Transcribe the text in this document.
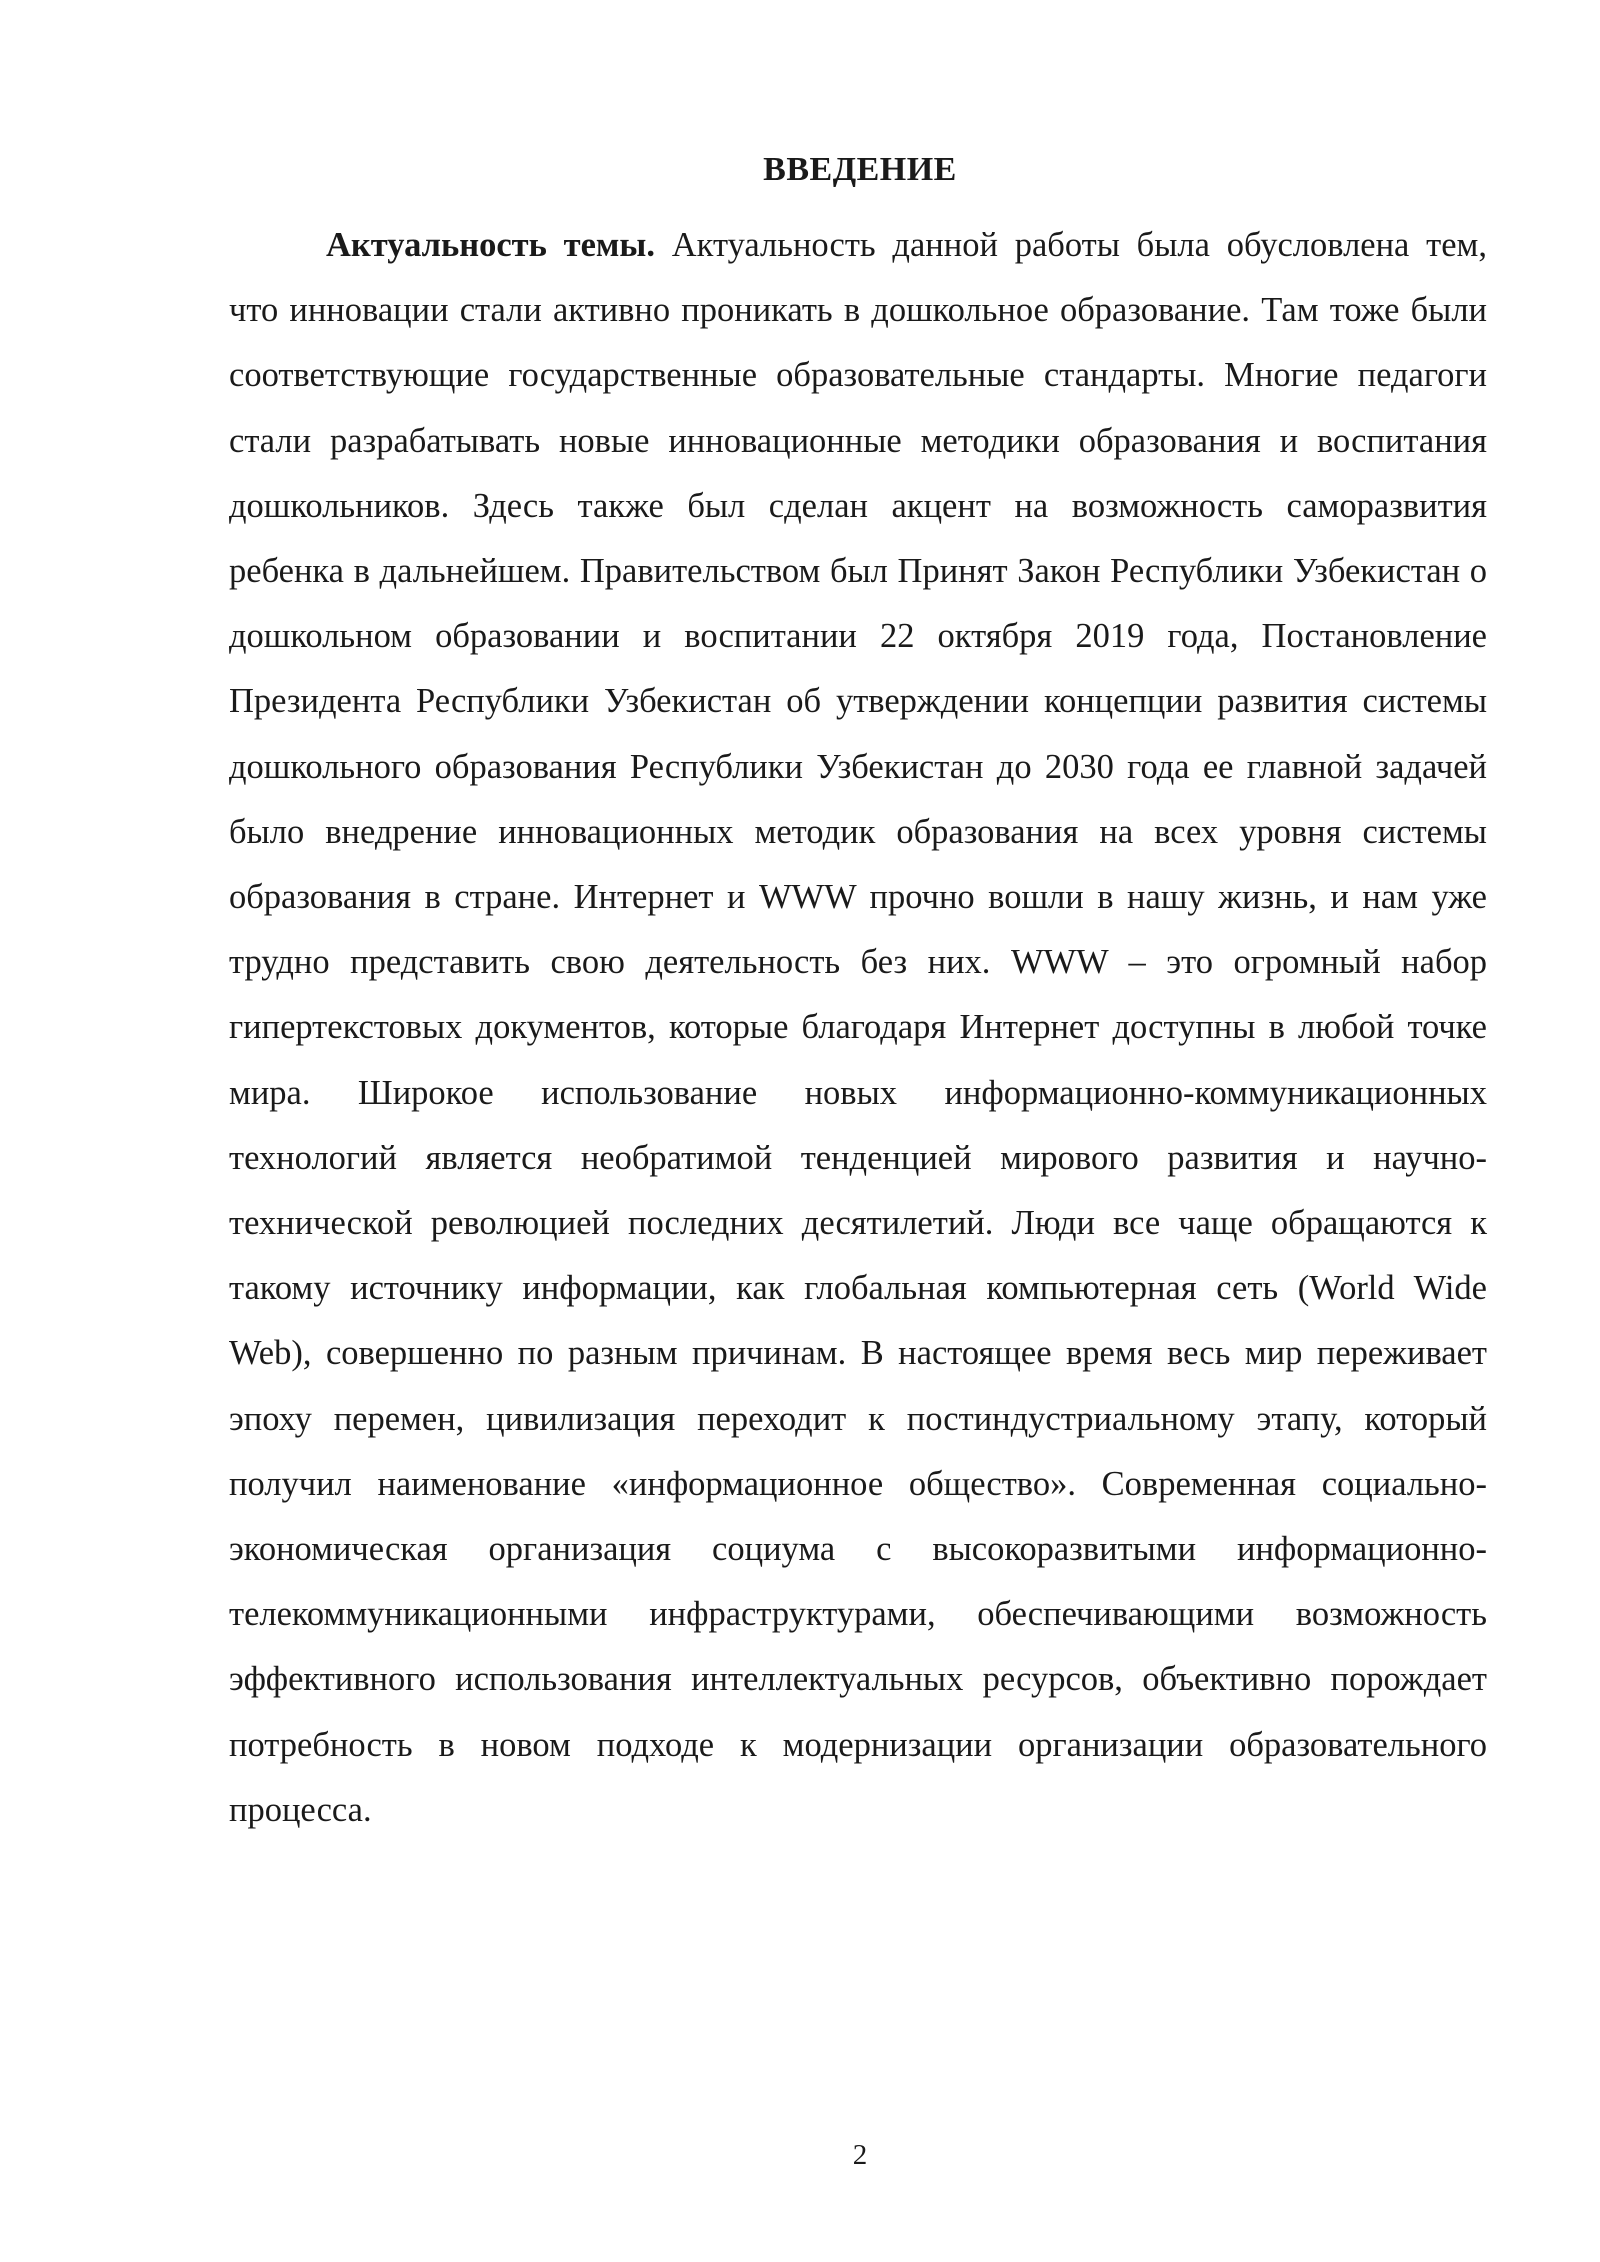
ВВЕДЕНИЕ

Актуальность темы. Актуальность данной работы была обусловлена тем, что инновации стали активно проникать в дошкольное образование. Там тоже были соответствующие государственные образовательные стандарты. Многие педагоги стали разрабатывать новые инновационные методики образования и воспитания дошкольников. Здесь также был сделан акцент на возможность саморазвития ребенка в дальнейшем. Правительством был Принят Закон Республики Узбекистан о дошкольном образовании и воспитании 22 октября 2019 года, Постановление Президента Республики Узбекистан об утверждении концепции развития системы дошкольного образования Республики Узбекистан до 2030 года ее главной задачей было внедрение инновационных методик образования на всех уровня системы образования в стране. Интернет и WWW прочно вошли в нашу жизнь, и нам уже трудно представить свою деятельность без них. WWW – это огромный набор гипертекстовых документов, которые благодаря Интернет доступны в любой точке мира. Широкое использование новых информационно-коммуникационных технологий является необратимой тенденцией мирового развития и научно-технической революцией последних десятилетий. Люди все чаще обращаются к такому источнику информации, как глобальная компьютерная сеть (World Wide Web), совершенно по разным причинам. В настоящее время весь мир переживает эпоху перемен, цивилизация переходит к постиндустриальному этапу, который получил наименование «информационное общество». Современная социально-экономическая организация социума с высокоразвитыми информационно-телекоммуникационными инфраструктурами, обеспечивающими возможность эффективного использования интеллектуальных ресурсов, объективно порождает потребность в новом подходе к модернизации организации образовательного процесса.

2
